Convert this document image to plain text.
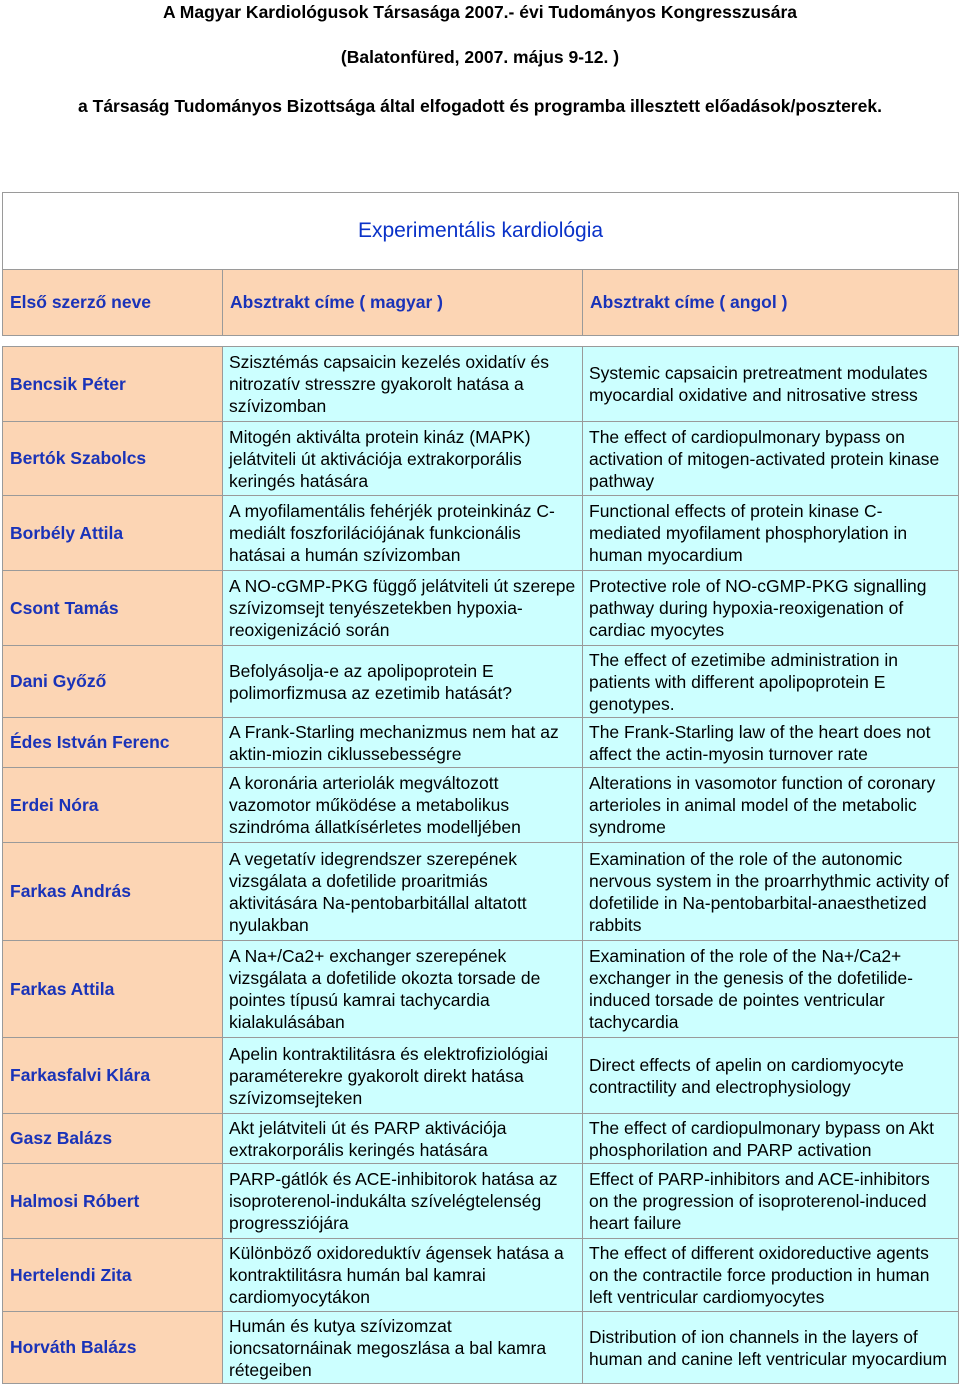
A Magyar Kardiológusok Társasága 2007.- évi Tudományos Kongresszusára
(Balatonfüred, 2007. május 9-12. )
a Társaság Tudományos Bizottsága által elfogadott és programba illesztett előadások/poszterek.
Experimentális kardiológia		
Első szerző neve	Absztrakt címe ( magyar )	Absztrakt címe ( angol )

Bencsik Péter	Szisztémás capsaicin kezelés oxidatív és nitrozatív stresszre gyakorolt hatása a szívizomban	Systemic capsaicin pretreatment modulates myocardial oxidative and nitrosative stress
Bertók Szabolcs	Mitogén aktiválta protein kináz (MAPK) jelátviteli út aktivációja extrakorporális keringés hatására	The effect of cardiopulmonary bypass on activation of mitogen-activated protein kinase pathway
Borbély Attila	A myofilamentális fehérjék proteinkináz C-mediált foszforilációjának funkcionális hatásai a humán szívizomban	Functional effects of protein kinase C-mediated myofilament phosphorylation in human myocardium
Csont Tamás	A NO-cGMP-PKG függő jelátviteli út szerepe szívizomsejt tenyészetekben hypoxia-reoxigenizáció során	Protective role of NO-cGMP-PKG signalling pathway during hypoxia-reoxigenation of cardiac myocytes
Dani Győző	Befolyásolja-e az apolipoprotein E polimorfizmusa az ezetimib hatását?	The effect of ezetimibe administration in patients with different apolipoprotein E genotypes.
Édes István Ferenc	A Frank-Starling mechanizmus nem hat az aktin-miozin ciklussebességre	The Frank-Starling law of the heart does not affect the actin-myosin turnover rate
Erdei Nóra	A koronária arteriolák megváltozott vazomotor működése a metabolikus szindróma állatkísérletes modelljében	Alterations in vasomotor function of coronary arterioles in animal model of the metabolic syndrome
Farkas András	A vegetatív idegrendszer szerepének vizsgálata a dofetilide proaritmiás aktivitására Na-pentobarbitállal altatott nyulakban	Examination of the role of the autonomic nervous system in the proarrhythmic activity of dofetilide in Na-pentobarbital-anaesthetized rabbits
Farkas Attila	A Na+/Ca2+ exchanger szerepének vizsgálata a dofetilide okozta torsade de pointes típusú kamrai tachycardia kialakulásában	Examination of the role of the Na+/Ca2+ exchanger in the genesis of the dofetilide-induced torsade de pointes ventricular tachycardia
Farkasfalvi Klára	Apelin kontraktilitásra és elektrofiziológiai paraméterekre gyakorolt direkt hatása szívizomsejteken	Direct effects of apelin on cardiomyocyte contractility and electrophysiology
Gasz Balázs	Akt jelátviteli út és PARP aktivációja extrakorporális keringés hatására	The effect of cardiopulmonary bypass on Akt phosphorilation and PARP activation
Halmosi Róbert	PARP-gátlók és ACE-inhibitorok hatása az isoproterenol-indukálta szívelégtelenség progressziójára	Effect of PARP-inhibitors and ACE-inhibitors on the progression of isoproterenol-induced heart failure
Hertelendi Zita	Különböző oxidoreduktív ágensek hatása a kontraktilitásra humán bal kamrai cardiomyocytákon	The effect of different oxidoreductive agents on the contractile force production in human left ventricular cardiomyocytes
Horváth Balázs	Humán és kutya szívizomzat ioncsatornáinak megoszlása a bal kamra rétegeiben	Distribution of ion channels in the layers of human and canine left ventricular myocardium
